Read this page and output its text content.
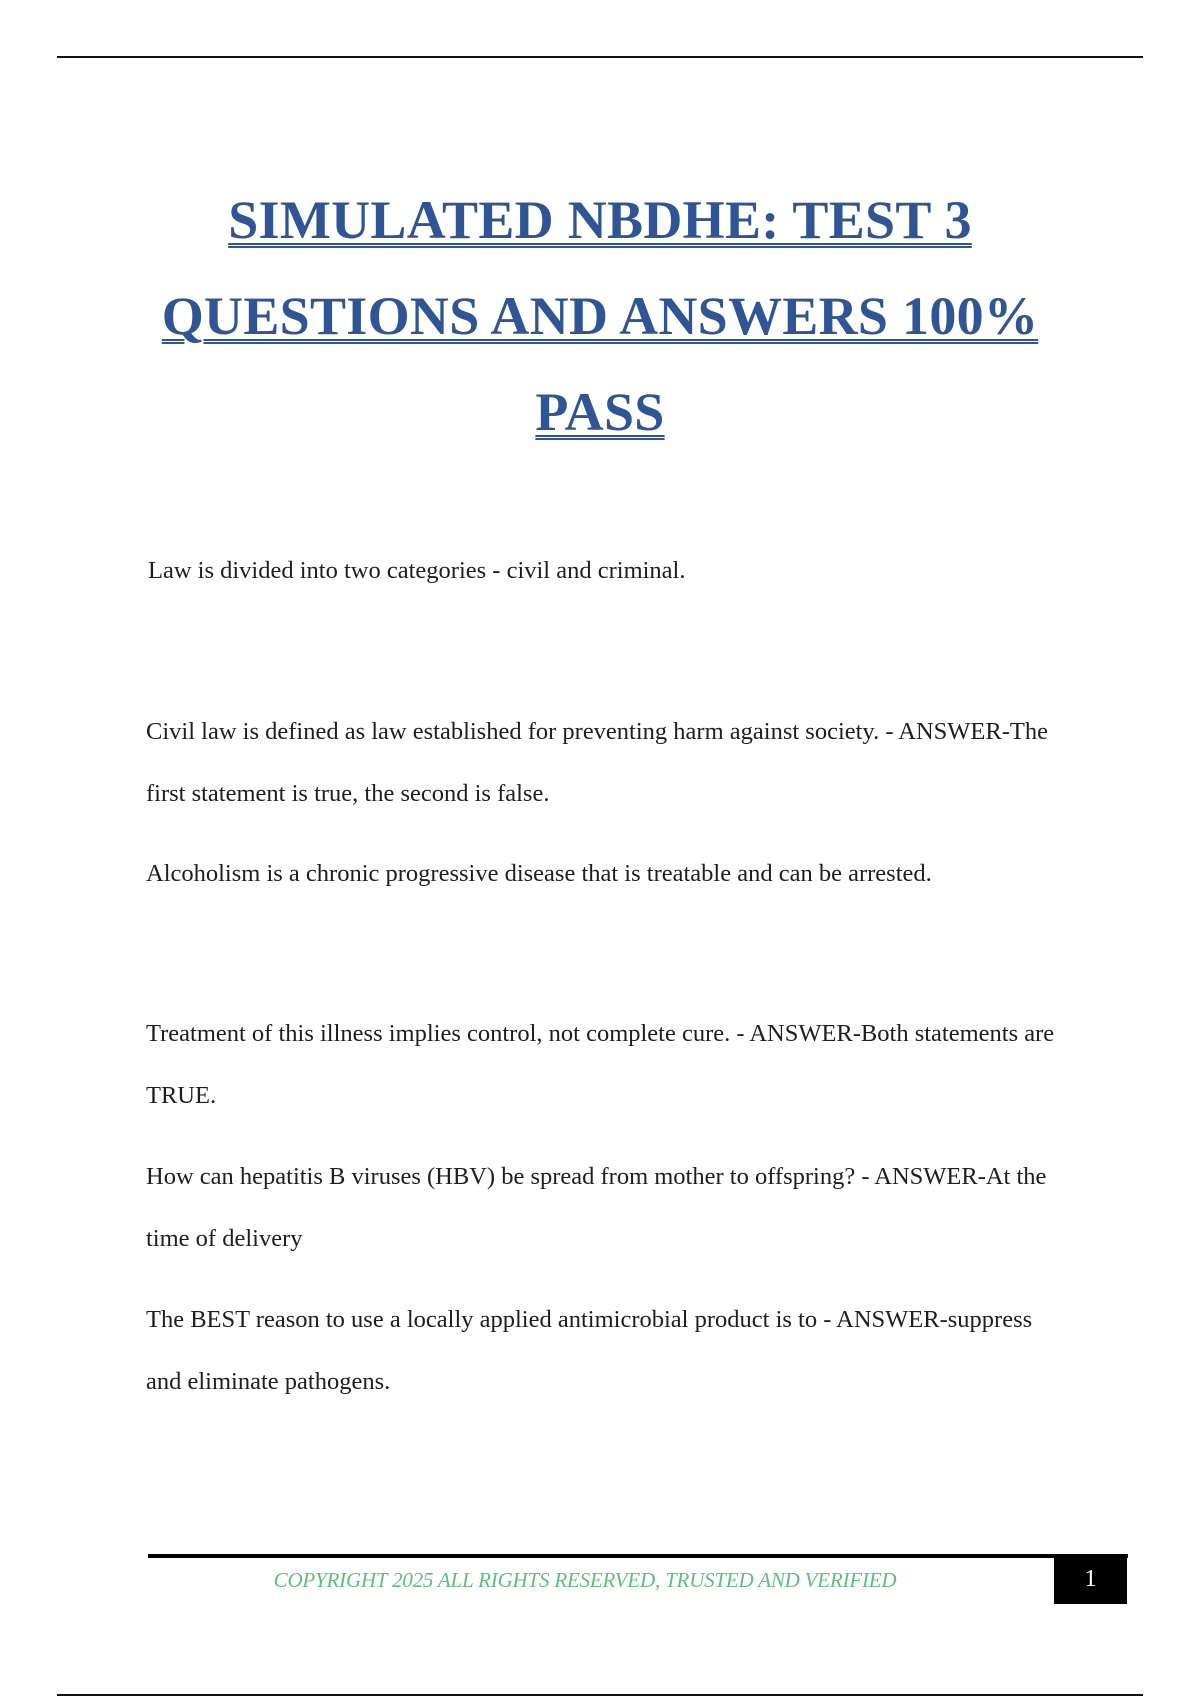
SIMULATED NBDHE: TEST 3
QUESTIONS AND ANSWERS 100%
PASS

Law is divided into two categories - civil and criminal.

Civil law is defined as law established for preventing harm against society. - ANSWER-The first statement is true, the second is false.

Alcoholism is a chronic progressive disease that is treatable and can be arrested.

Treatment of this illness implies control, not complete cure. - ANSWER-Both statements are TRUE.

How can hepatitis B viruses (HBV) be spread from mother to offspring? - ANSWER-At the time of delivery

The BEST reason to use a locally applied antimicrobial product is to - ANSWER-suppress and eliminate pathogens.

COPYRIGHT 2025 ALL RIGHTS RESERVED, TRUSTED AND VERIFIED	1
